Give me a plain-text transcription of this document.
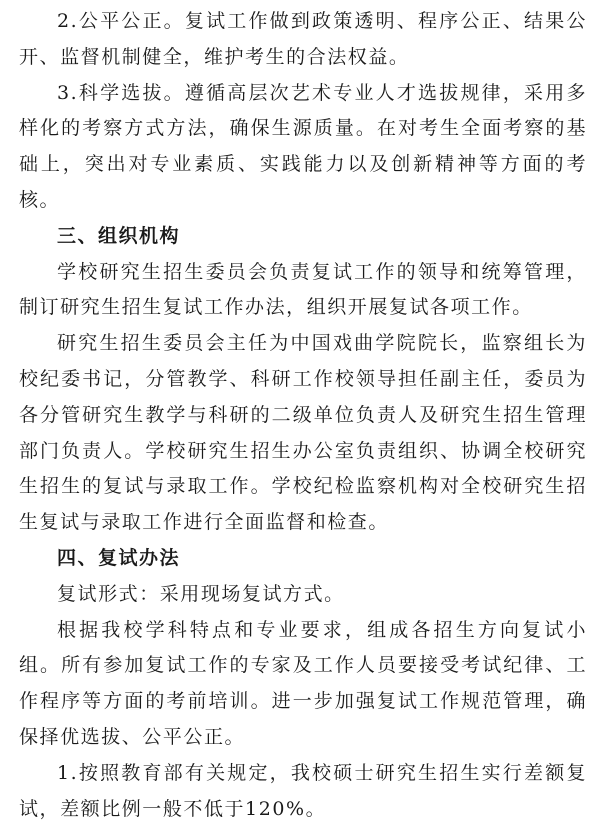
2.公平公正。复试工作做到政策透明、程序公正、结果公开、监督机制健全，维护考生的合法权益。

3.科学选拔。遵循高层次艺术专业人才选拔规律，采用多样化的考察方式方法，确保生源质量。在对考生全面考察的基础上，突出对专业素质、实践能力以及创新精神等方面的考核。

三、组织机构

学校研究生招生委员会负责复试工作的领导和统筹管理，制订研究生招生复试工作办法，组织开展复试各项工作。

研究生招生委员会主任为中国戏曲学院院长，监察组长为校纪委书记，分管教学、科研工作校领导担任副主任，委员为各分管研究生教学与科研的二级单位负责人及研究生招生管理部门负责人。学校研究生招生办公室负责组织、协调全校研究生招生的复试与录取工作。学校纪检监察机构对全校研究生招生复试与录取工作进行全面监督和检查。

四、复试办法

复试形式：采用现场复试方式。

根据我校学科特点和专业要求，组成各招生方向复试小组。所有参加复试工作的专家及工作人员要接受考试纪律、工作程序等方面的考前培训。进一步加强复试工作规范管理，确保择优选拔、公平公正。

1.按照教育部有关规定，我校硕士研究生招生实行差额复试，差额比例一般不低于120%。
